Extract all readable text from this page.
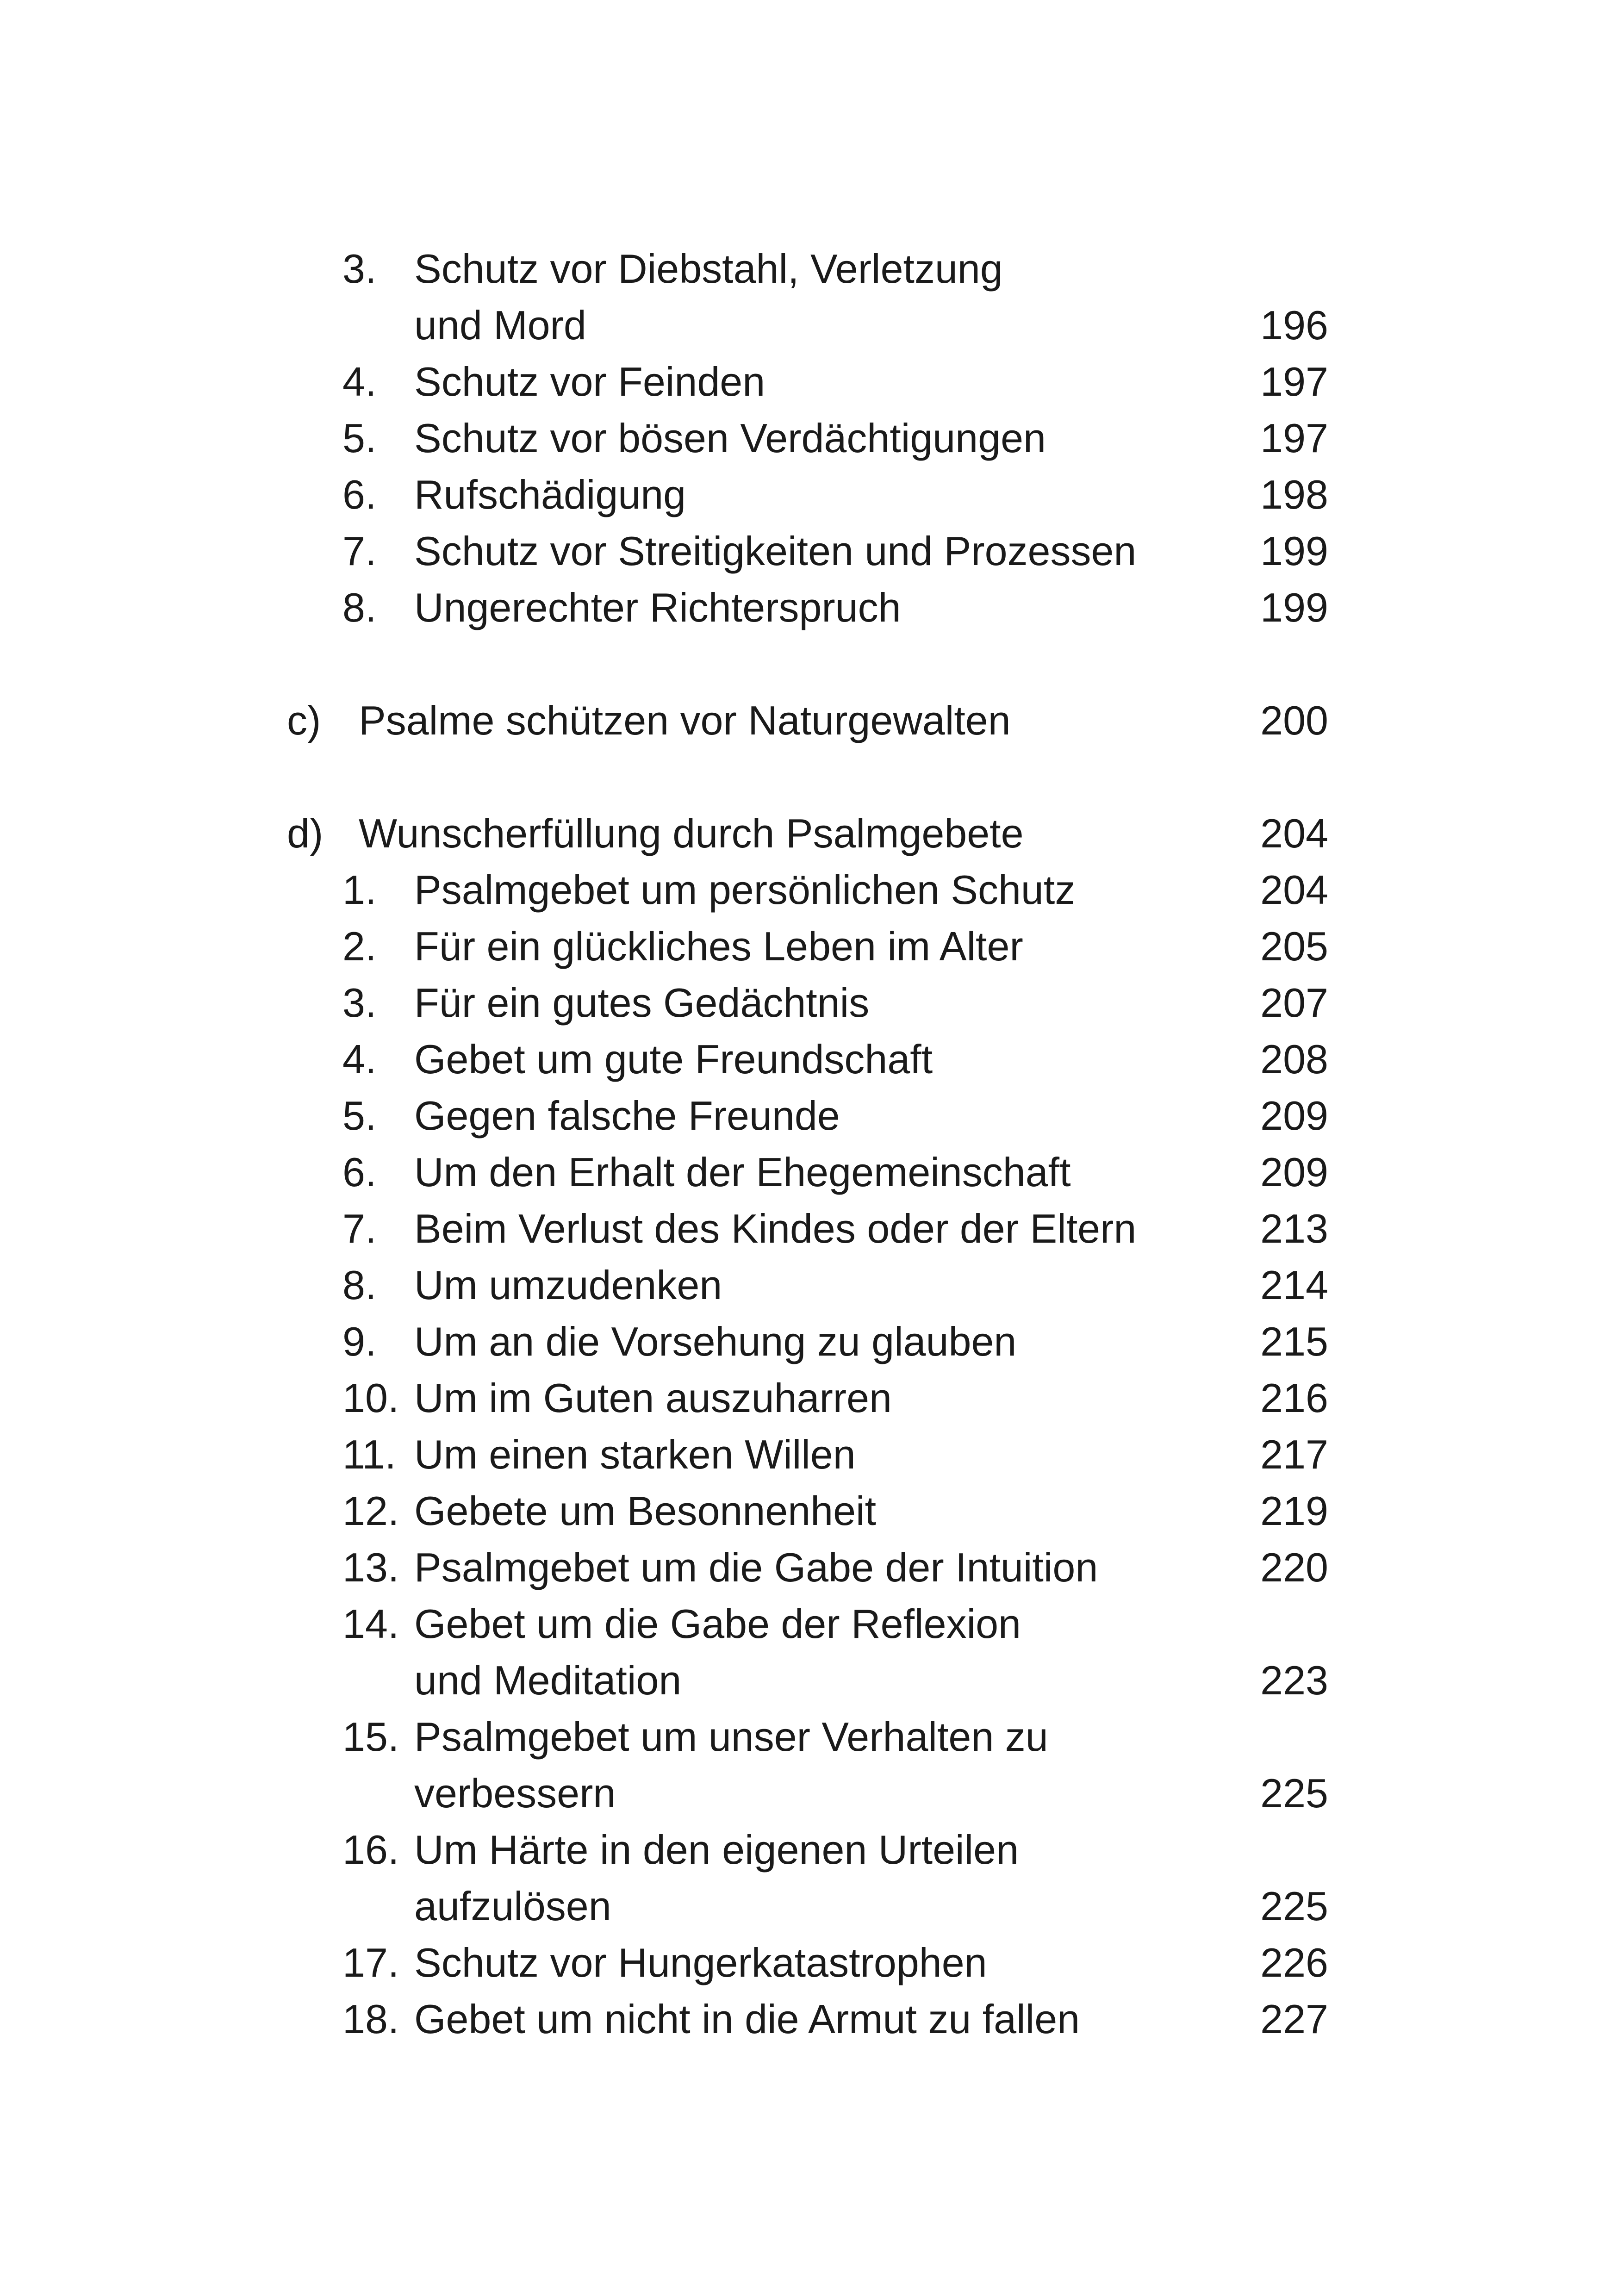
3. Schutz vor Diebstahl, Verletzung
und Mord	196
4. Schutz vor Feinden	197
5. Schutz vor bösen Verdächtigungen	197
6. Rufschädigung	198
7. Schutz vor Streitigkeiten und Prozessen	199
8. Ungerechter Richterspruch	199
c) Psalme schützen vor Naturgewalten	200
d) Wunscherfüllung durch Psalmgebete	204
1. Psalmgebet um persönlichen Schutz	204
2. Für ein glückliches Leben im Alter	205
3. Für ein gutes Gedächtnis	207
4. Gebet um gute Freundschaft	208
5. Gegen falsche Freunde	209
6. Um den Erhalt der Ehegemeinschaft	209
7. Beim Verlust des Kindes oder der Eltern	213
8. Um umzudenken	214
9. Um an die Vorsehung zu glauben	215
10. Um im Guten auszuharren	216
11. Um einen starken Willen	217
12. Gebete um Besonnenheit	219
13. Psalmgebet um die Gabe der Intuition	220
14. Gebet um die Gabe der Reflexion
und Meditation	223
15. Psalmgebet um unser Verhalten zu
verbessern	225
16. Um Härte in den eigenen Urteilen
aufzulösen	225
17. Schutz vor Hungerkatastrophen	226
18. Gebet um nicht in die Armut zu fallen	227
